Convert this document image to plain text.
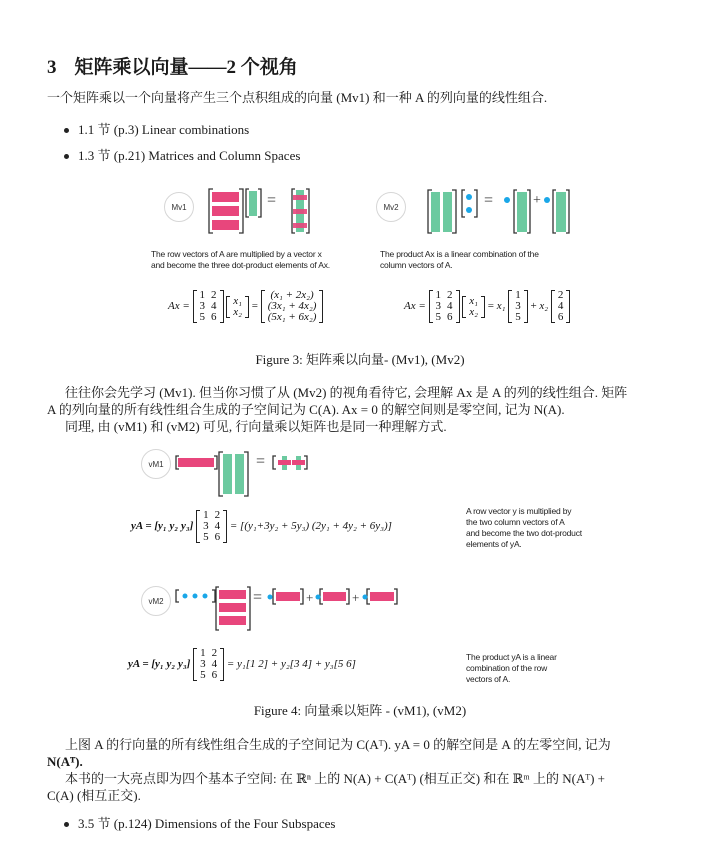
3 矩阵乘以向量——2 个视角
一个矩阵乘以一个向量将产生三个点积组成的向量 (Mv1) 和一种 A 的列向量的线性组合.
1.1 节 (p.3) Linear combinations
1.3 节 (p.21) Matrices and Column Spaces
Mv1	=
The row vectors of A are multiplied by a vector x
and become the three dot-product elements of Ax.
Mv2	=	+
The product Ax is a linear combination of the
column vectors of A.
Ax =
1	2
3	4
5	6

x₁
x₂ =
(x₁ + 2x₂)
(3x₁ + 4x₂)
(5x₁ + 6x₂)
Ax =
1	2
3	4
5	6

x₁
x₂ = x₁
1
3
5
+ x₂
2
4
6
Figure 3: 矩阵乘以向量- (Mv1), (Mv2)
往往你会先学习 (Mv1). 但当你习惯了从 (Mv2) 的视角看待它, 会理解 Ax 是 A 的列的线性组合. 矩阵
A 的列向量的所有线性组合生成的子空间记为 C(A). Ax = 0 的解空间则是零空间, 记为 N(A).
同理, 由 (vM1) 和 (vM2) 可见, 行向量乘以矩阵也是同一种理解方式.
vM1	=
yA = [y₁ y₂ y₃]
1	2
3	4
5	6
= [(y₁+3y₂ + 5y₃) (2y₁ + 4y₂ + 6y₃)]
A row vector y is multiplied by
the two column vectors of A
and become the two dot-product
elements of yA.
vM2	=	+	+
yA = [y₁ y₂ y₃]
1	2
3	4
5	6
= y₁[1 2] + y₂[3 4] + y₃[5 6]
The product yA is a linear
combination of the row
vectors of A.
Figure 4: 向量乘以矩阵 - (vM1), (vM2)
上图 A 的行向量的所有线性组合生成的子空间记为 C(Aᵀ). yA = 0 的解空间是 A 的左零空间, 记为
N(Aᵀ).
本书的一大亮点即为四个基本子空间: 在 ℝⁿ 上的 N(A) + C(Aᵀ) (相互正交) 和在 ℝᵐ 上的 N(Aᵀ) +
C(A) (相互正交).
3.5 节 (p.124) Dimensions of the Four Subspaces
